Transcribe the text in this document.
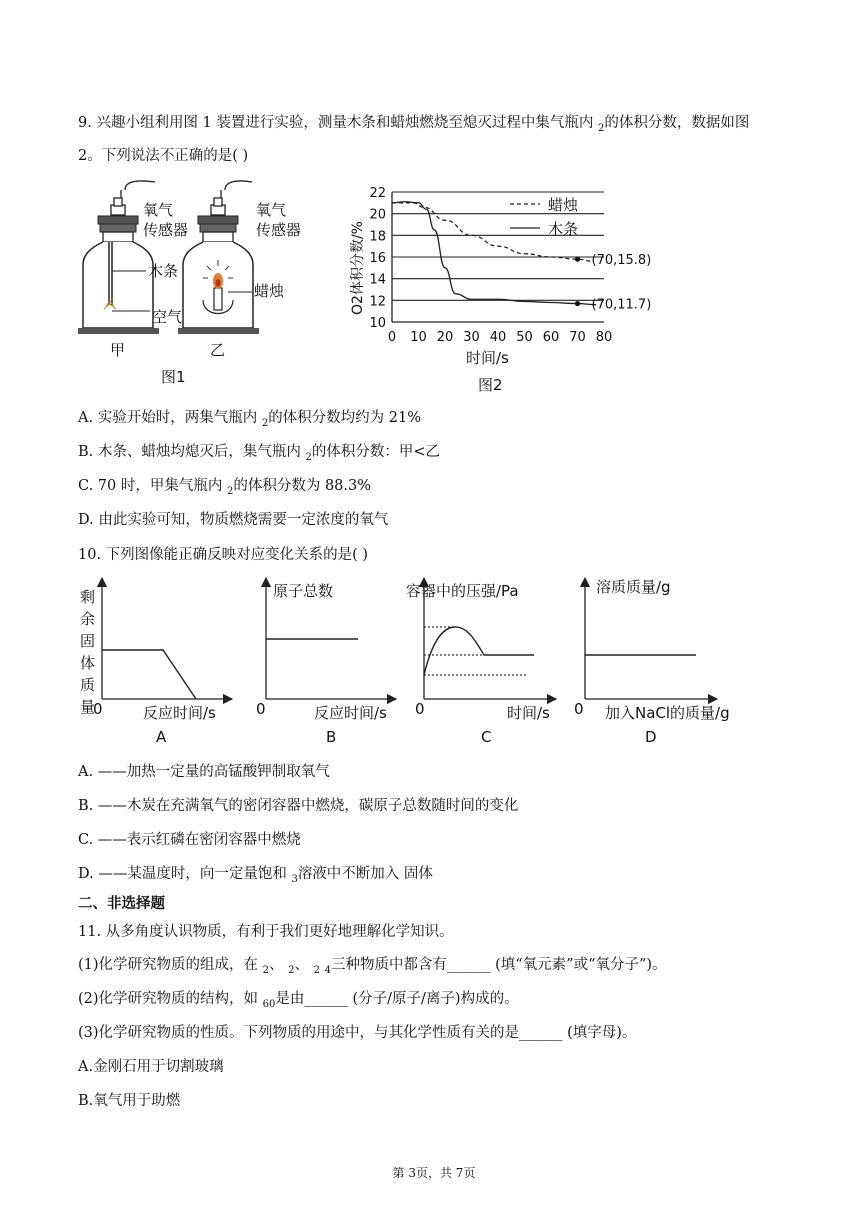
9. 兴趣小组利用图 1 装置进行实验，测量木条和蜡烛燃烧至熄灭过程中集气瓶内 $_2$的体积分数，数据如图
2。下列说法不正确的是( )
氧气
传感器
木条
空气
甲
氧气
传感器
蜡烛
乙
图1
10
12
14
16
18
20
22
0 10 20 30 40 50 60 70 80
蜡烛
木条
(70,15.8)
(70,11.7)
时间/s
图2
O2体积分数/%
A. 实验开始时，两集气瓶内 $_2$的体积分数均约为 21%
B. 木条、蜡烛均熄灭后，集气瓶内 $_2$的体积分数：甲<乙
C. 70 时，甲集气瓶内 $_2$的体积分数为 88.3%
D. 由此实验可知，物质燃烧需要一定浓度的氧气
10. 下列图像能正确反映对应变化关系的是( )
剩
余
固
体
质
量
0	反应时间/s
A
原子总数
0	反应时间/s
B
容器中的压强/Pa
0	时间/s
C
溶质质量/g
0 加入NaCl的质量/g
D
A. ——加热一定量的高锰酸钾制取氧气
B. ——木炭在充满氧气的密闭容器中燃烧，碳原子总数随时间的变化
C. ——表示红磷在密闭容器中燃烧
D. ——某温度时，向一定量饱和 $_3$溶液中不断加入 固体
二、非选择题
11. 从多角度认识物质，有利于我们更好地理解化学知识。
(1)化学研究物质的组成，在 $_2$、 $_2$、 $_2$ $_4$三种物质中都含有______ (填“氧元素”或“氧分子”)。
(2)化学研究物质的结构，如 $_{60}$是由______ (分子/原子/离子)构成的。
(3)化学研究物质的性质。下列物质的用途中，与其化学性质有关的是______ (填字母)。
A.金刚石用于切割玻璃
B.氧气用于助燃
第 3页，共 7页
